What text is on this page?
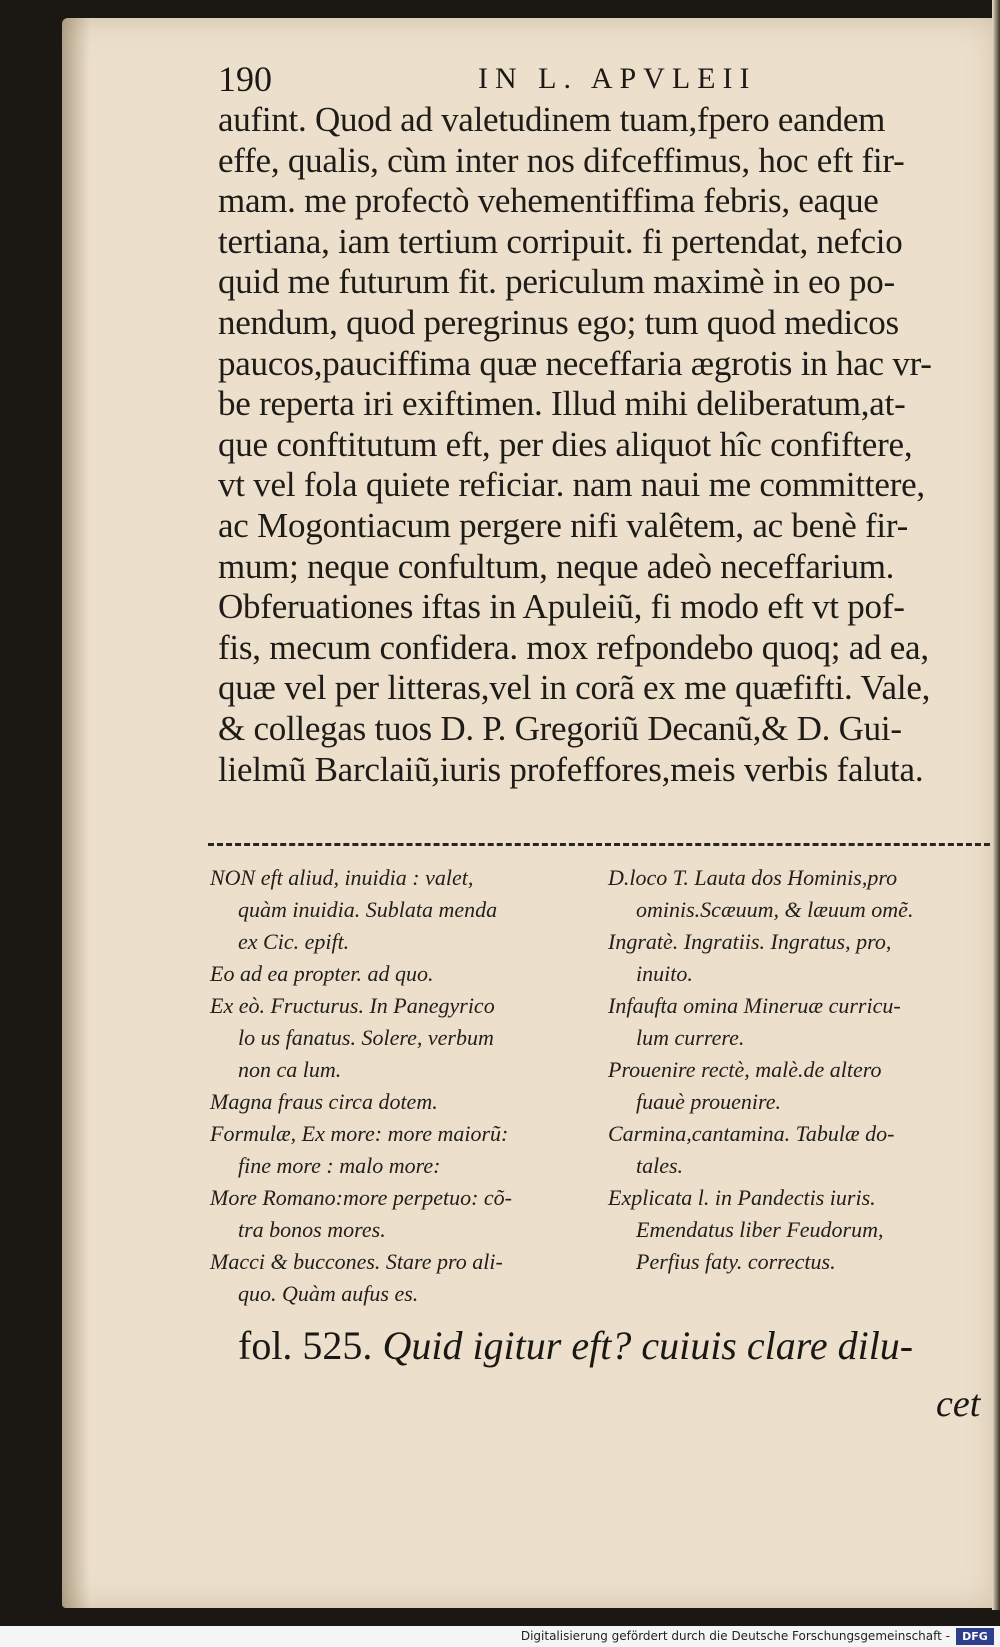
190	IN L. APVLEII
aufint. Quod ad valetudinem tuam,fpero eandem
effe, qualis, cùm inter nos difceffimus, hoc eft fir-
mam. me profectò vehementiffima febris, eaque
tertiana, iam tertium corripuit. fi pertendat, nefcio
quid me futurum fit. periculum maximè in eo po-
nendum, quod peregrinus ego; tum quod medicos
paucos,pauciffima quæ neceffaria ægrotis in hac vr-
be reperta iri exiftimen. Illud mihi deliberatum,at-
que conftitutum eft, per dies aliquot hîc confiftere,
vt vel fola quiete reficiar. nam naui me committere,
ac Mogontiacum pergere nifi valêtem, ac benè fir-
mum; neque confultum, neque adeò neceffarium.
Obferuationes iftas in Apuleiũ, fi modo eft vt pof-
fis, mecum confidera. mox refpondebo quoq; ad ea,
quæ vel per litteras,vel in corã ex me quæfifti. Vale,
& collegas tuos D. P. Gregoriũ Decanũ,& D. Gui-
lielmũ Barclaiũ,iuris profeffores,meis verbis faluta.
NON eft aliud, inuidia : valet,
quàm inuidia. Sublata menda
ex Cic. epift.
Eo ad ea propter. ad quo.
Ex eò. Fructurus. In Panegyrico
lo us fanatus. Solere, verbum
non ca lum.
Magna fraus circa dotem.
Formulæ, Ex more: more maiorũ:
fine more : malo more:
More Romano:more perpetuo: cõ-
tra bonos mores.
Macci & buccones. Stare pro ali-
quo. Quàm aufus es.
D.loco T. Lauta dos Hominis,pro
ominis.Scæuum, & læuum omẽ.
Ingratè. Ingratiis. Ingratus, pro,
inuito.
Infaufta omina Mineruæ curricu-
lum currere.
Prouenire rectè, malè.de altero
fuauè prouenire.
Carmina,cantamina. Tabulæ do-
tales.
Explicata l. in Pandectis iuris.
Emendatus liber Feudorum,
Perfius faty. correctus.
fol. 525. Quid igitur eft? cuiuis clare dilu-
cet
Digitalisierung gefördert durch die Deutsche Forschungsgemeinschaft -	DFG
